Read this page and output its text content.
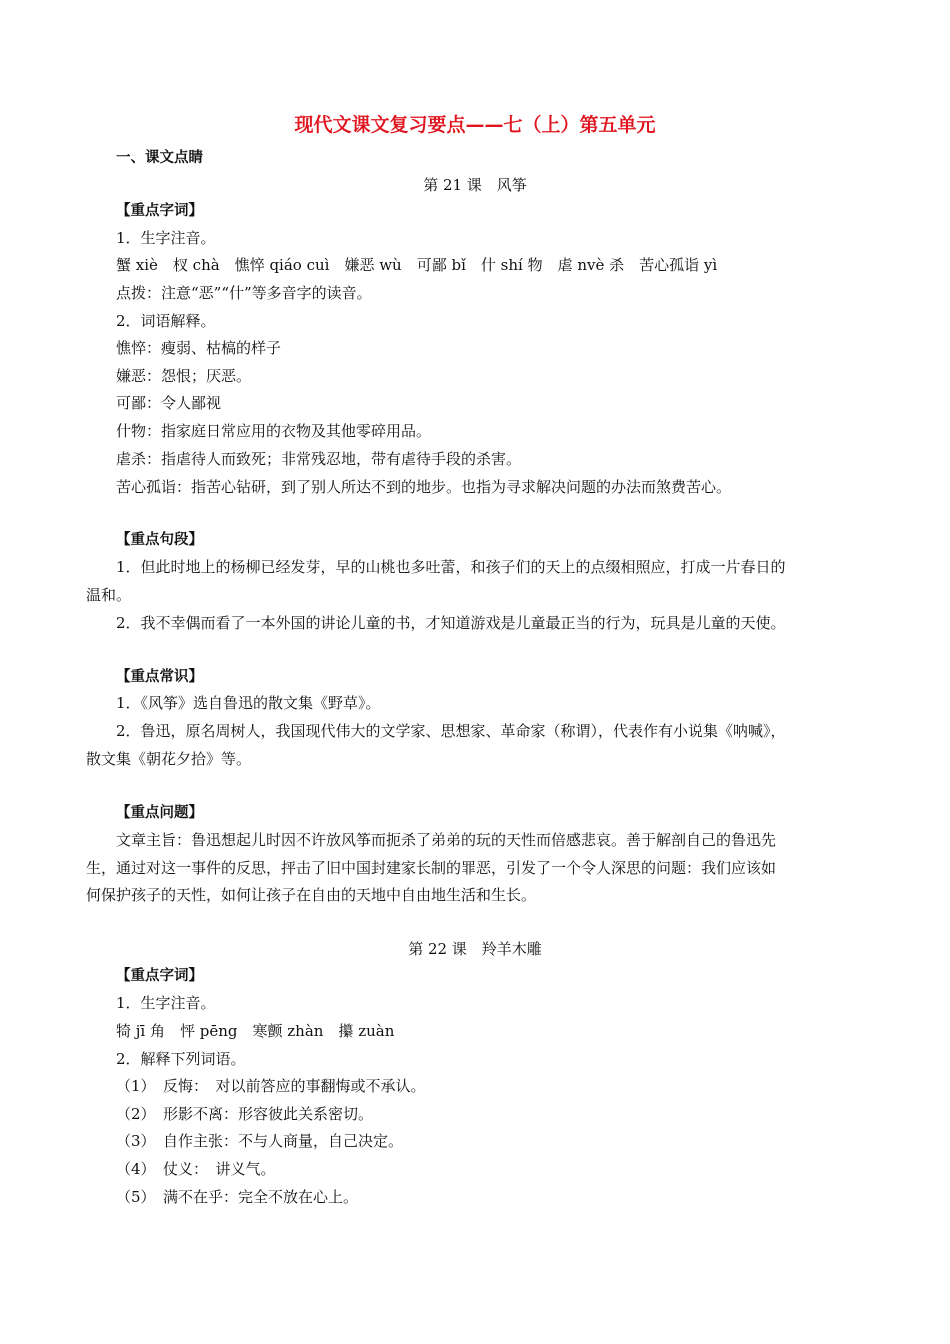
现代文课文复习要点——七（上）第五单元

一、课文点睛

第 21 课　风筝

【重点字词】

1．生字注音。

蟹 xiè　杈 chà　憔悴 qiáo cuì　嫌恶 wù　可鄙 bǐ　什 shí 物　虐 nvè 杀　苦心孤诣 yì

点拨：注意“恶”“什”等多音字的读音。

2．词语解释。

憔悴：瘦弱、枯槁的样子

嫌恶：怨恨；厌恶。

可鄙：令人鄙视

什物：指家庭日常应用的衣物及其他零碎用品。

虐杀：指虐待人而致死；非常残忍地，带有虐待手段的杀害。

苦心孤诣：指苦心钻研，到了别人所达不到的地步。也指为寻求解决问题的办法而煞费苦心。

【重点句段】

1．但此时地上的杨柳已经发芽，早的山桃也多吐蕾，和孩子们的天上的点缀相照应，打成一片春日的

温和。

2．我不幸偶而看了一本外国的讲论儿童的书，才知道游戏是儿童最正当的行为，玩具是儿童的天使。

【重点常识】

1．《风筝》选自鲁迅的散文集《野草》。

2．鲁迅，原名周树人，我国现代伟大的文学家、思想家、革命家（称谓），代表作有小说集《呐喊》，

散文集《朝花夕拾》等。

【重点问题】

文章主旨：鲁迅想起儿时因不许放风筝而扼杀了弟弟的玩的天性而倍感悲哀。善于解剖自己的鲁迅先

生，通过对这一事件的反思，抨击了旧中国封建家长制的罪恶，引发了一个令人深思的问题：我们应该如

何保护孩子的天性，如何让孩子在自由的天地中自由地生活和生长。

第 22 课　羚羊木雕

【重点字词】

1．生字注音。

犄 jī 角　怦 pēng　寒颤 zhàn　攥 zuàn

2．解释下列词语。

（1）　反悔：　对以前答应的事翻悔或不承认。

（2）　形影不离：形容彼此关系密切。

（3）　自作主张：不与人商量，自己决定。

（4）　仗义：　讲义气。

（5）　满不在乎：完全不放在心上。
